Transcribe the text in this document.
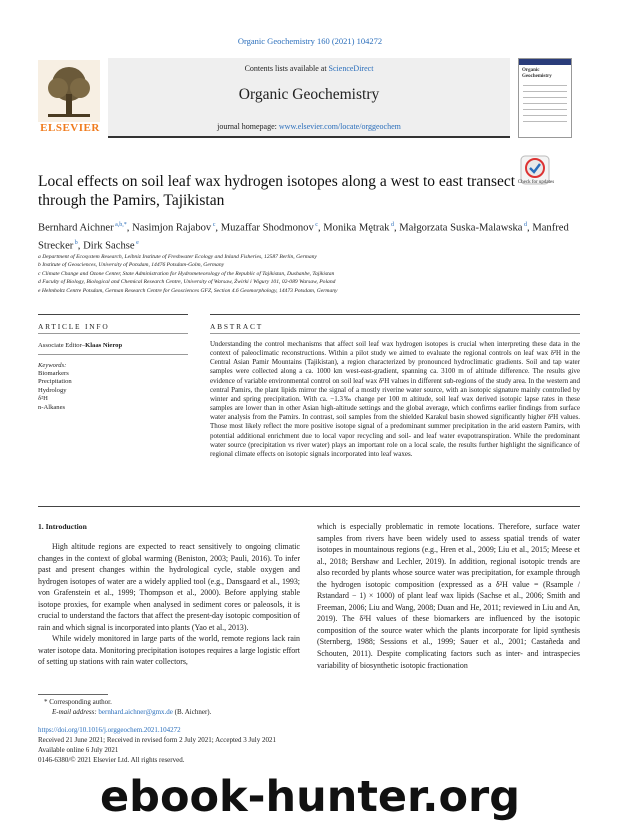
Organic Geochemistry 160 (2021) 104272
ELSEVIER
Contents lists available at ScienceDirect
Organic Geochemistry
journal homepage: www.elsevier.com/locate/orggeochem
Organic Geochemistry
Local effects on soil leaf wax hydrogen isotopes along a west to east transect through the Pamirs, Tajikistan
Check for updates
Bernhard Aichner $^{a,b,*}$, Nasimjon Rajabov $^c$, Muzaffar Shodmonov $^c$, Monika Mętrak $^d$, Małgorzata Suska-Malawska $^d$, Manfred Strecker $^b$, Dirk Sachse $^e$
a Department of Ecosystem Research, Leibniz Institute of Freshwater Ecology and Inland Fisheries, 12587 Berlin, Germany
b Institute of Geosciences, University of Potsdam, 14476 Potsdam-Golm, Germany
c Climate Change and Ozone Center, State Administration for Hydrometeorology of the Republic of Tajikistan, Dushanbe, Tajikistan
d Faculty of Biology, Biological and Chemical Research Centre, University of Warsaw, Żwirki i Wigury 101, 02-089 Warsaw, Poland
e Helmholtz Centre Potsdam, German Research Centre for Geosciences GFZ, Section 4.6 Geomorphology, 14473 Potsdam, Germany
ARTICLE INFO	ABSTRACT
Associate Editor–Klaas Nierop
Keywords:
Biomarkers
Precipitation
Hydrology
δ²H
n-Alkanes
Understanding the control mechanisms that affect soil leaf wax hydrogen isotopes is crucial when interpreting these data in the context of paleoclimatic reconstructions. Within a pilot study we aimed to evaluate the regional controls on leaf wax δ²H in the Central Asian Pamir Mountains (Tajikistan), a region characterized by pronounced hydroclimatic gradients. Soil and tap water samples were collected along a ca. 1000 km west-east-gradient, spanning ca. 3100 m of altitude difference. The results give evidence of variable environmental control on soil leaf wax δ²H values in different sub-regions of the study area. In the western and central Pamirs, the plant lipids mirror the signal of a mostly riverine water source, with an isotopic signature mainly controlled by winter and spring precipitation. With ca. −1.3‰ change per 100 m altitude, soil leaf wax derived isotopic lapse rates in these samples are lower than in other Asian high-altitude settings and the global average, which confirms earlier findings from surface water analysis from the Pamirs. In contrast, soil samples from the shielded Karakul basin showed significantly higher δ²H values. Those most likely reflect the more positive isotope signal of a predominant summer precipitation in the arid eastern Pamirs, with potential additional enrichment due to local vapor recycling and soil- and leaf water evapotranspiration. While the predominant water source (precipitation vs river water) plays an important role on a local scale, the results further highlight the significance of regional climate effects on isotopic signals incorporated into leaf waxes.
1. Introduction

High altitude regions are expected to react sensitively to ongoing climatic changes in the context of global warming (Beniston, 2003; Pauli, 2016). To infer past and present changes within the hydrological cycle, stable oxygen and hydrogen isotopes of water are a widely applied tool (e.g., Dansgaard et al., 1993; von Grafenstein et al., 1999; Thompson et al., 2000). Before applying stable isotope proxies, for example when analysed in sediment cores or paleosols, it is crucial to understand the factors that affect the present-day isotopic composition of rain and which signal is incorporated into plants (Yao et al., 2013).

While widely monitored in large parts of the world, remote regions lack rain water isotope data. Monitoring precipitation isotopes requires a large logistic effort of setting up stations with rain water collectors,

which is especially problematic in remote locations. Therefore, surface water samples from rivers have been widely used to assess spatial trends of water isotopes in mountainous regions (e.g., Hren et al., 2009; Liu et al., 2015; Meese et al., 2018; Bershaw and Lechler, 2019). In addition, regional isotopic trends are also recorded by plants whose source water was precipitation, for example through the hydrogen isotopic composition (expressed as a δ²H value = (Rsample / Rstandard − 1) × 1000) of plant leaf wax lipids (Sachse et al., 2006; Smith and Freeman, 2006; Liu and Wang, 2008; Duan and He, 2011; reviewed in Liu and An, 2019). The δ²H values of these biomarkers are influenced by the isotopic composition of the source water which the plants incorporate for lipid synthesis (Sternberg, 1988; Sessions et al., 1999; Sauer et al., 2001; Castañeda and Schouten, 2011). Despite complicating factors such as inter- and intraspecies variability of biosynthetic isotopic fractionation

* Corresponding author.
E-mail address: bernhard.aichner@gmx.de (B. Aichner).
https://doi.org/10.1016/j.orggeochem.2021.104272
Received 21 June 2021; Received in revised form 2 July 2021; Accepted 3 July 2021
Available online 6 July 2021
0146-6380/© 2021 Elsevier Ltd. All rights reserved.
ebook-hunter.org
